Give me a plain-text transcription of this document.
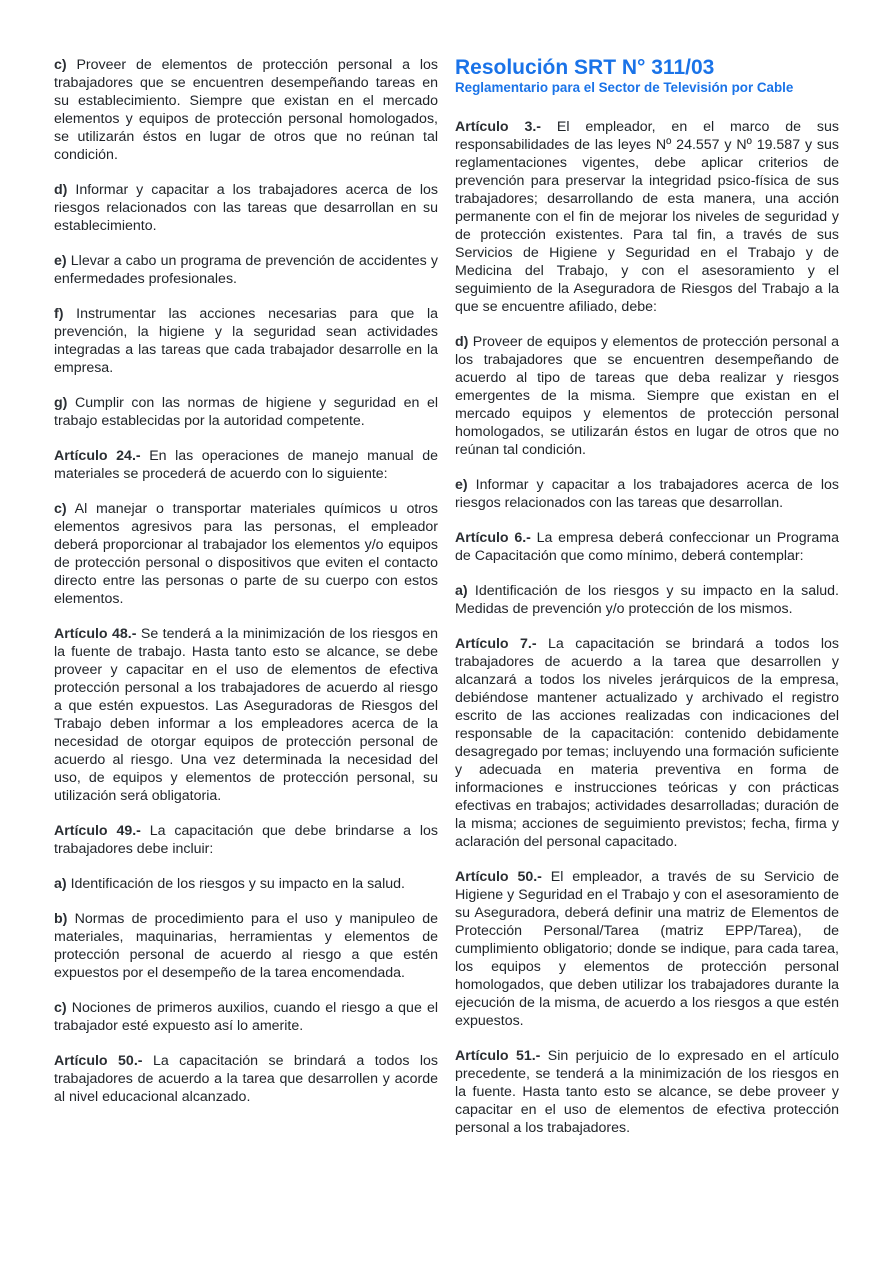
c) Proveer de elementos de protección personal a los trabajadores que se encuentren desempeñando tareas en su establecimiento. Siempre que existan en el mercado elementos y equipos de protección personal homologados, se utilizarán éstos en lugar de otros que no reúnan tal condición.

d) Informar y capacitar a los trabajadores acerca de los riesgos relacionados con las tareas que desarrollan en su establecimiento.

e) Llevar a cabo un programa de prevención de accidentes y enfermedades profesionales.

f) Instrumentar las acciones necesarias para que la prevención, la higiene y la seguridad sean actividades integradas a las tareas que cada trabajador desarrolle en la empresa.

g) Cumplir con las normas de higiene y seguridad en el trabajo establecidas por la autoridad competente.

Artículo 24.- En las operaciones de manejo manual de materiales se procederá de acuerdo con lo siguiente:

c) Al manejar o transportar materiales químicos u otros elementos agresivos para las personas, el empleador deberá proporcionar al trabajador los elementos y/o equipos de protección personal o dispositivos que eviten el contacto directo entre las personas o parte de su cuerpo con estos elementos.

Artículo 48.- Se tenderá a la minimización de los riesgos en la fuente de trabajo. Hasta tanto esto se alcance, se debe proveer y capacitar en el uso de elementos de efectiva protección personal a los trabajadores de acuerdo al riesgo a que estén expuestos. Las Aseguradoras de Riesgos del Trabajo deben informar a los empleadores acerca de la necesidad de otorgar equipos de protección personal de acuerdo al riesgo. Una vez determinada la necesidad del uso, de equipos y elementos de protección personal, su utilización será obligatoria.

Artículo 49.- La capacitación que debe brindarse a los trabajadores debe incluir:

a) Identificación de los riesgos y su impacto en la salud.

b) Normas de procedimiento para el uso y manipuleo de materiales, maquinarias, herramientas y elementos de protección personal de acuerdo al riesgo a que estén expuestos por el desempeño de la tarea encomendada.

c) Nociones de primeros auxilios, cuando el riesgo a que el trabajador esté expuesto así lo amerite.

Artículo 50.- La capacitación se brindará a todos los trabajadores de acuerdo a la tarea que desarrollen y acorde al nivel educacional alcanzado.

Resolución SRT N° 311/03
Reglamentario para el Sector de Televisión por Cable

Artículo 3.- El empleador, en el marco de sus responsabilidades de las leyes Nº 24.557 y Nº 19.587 y sus reglamentaciones vigentes, debe aplicar criterios de prevención para preservar la integridad psico-física de sus trabajadores; desarrollando de esta manera, una acción permanente con el fin de mejorar los niveles de seguridad y de protección existentes. Para tal fin, a través de sus Servicios de Higiene y Seguridad en el Trabajo y de Medicina del Trabajo, y con el asesoramiento y el seguimiento de la Aseguradora de Riesgos del Trabajo a la que se encuentre afiliado, debe:

d) Proveer de equipos y elementos de protección personal a los trabajadores que se encuentren desempeñando de acuerdo al tipo de tareas que deba realizar y riesgos emergentes de la misma. Siempre que existan en el mercado equipos y elementos de protección personal homologados, se utilizarán éstos en lugar de otros que no reúnan tal condición.

e) Informar y capacitar a los trabajadores acerca de los riesgos relacionados con las tareas que desarrollan.

Artículo 6.- La empresa deberá confeccionar un Programa de Capacitación que como mínimo, deberá contemplar:

a) Identificación de los riesgos y su impacto en la salud. Medidas de prevención y/o protección de los mismos.

Artículo 7.- La capacitación se brindará a todos los trabajadores de acuerdo a la tarea que desarrollen y alcanzará a todos los niveles jerárquicos de la empresa, debiéndose mantener actualizado y archivado el registro escrito de las acciones realizadas con indicaciones del responsable de la capacitación: contenido debidamente desagregado por temas; incluyendo una formación suficiente y adecuada en materia preventiva en forma de informaciones e instrucciones teóricas y con prácticas efectivas en trabajos; actividades desarrolladas; duración de la misma; acciones de seguimiento previstos; fecha, firma y aclaración del personal capacitado.

Artículo 50.- El empleador, a través de su Servicio de Higiene y Seguridad en el Trabajo y con el asesoramiento de su Aseguradora, deberá definir una matriz de Elementos de Protección Personal/Tarea (matriz EPP/Tarea), de cumplimiento obligatorio; donde se indique, para cada tarea, los equipos y elementos de protección personal homologados, que deben utilizar los trabajadores durante la ejecución de la misma, de acuerdo a los riesgos a que estén expuestos.

Artículo 51.- Sin perjuicio de lo expresado en el artículo precedente, se tenderá a la minimización de los riesgos en la fuente. Hasta tanto esto se alcance, se debe proveer y capacitar en el uso de elementos de efectiva protección personal a los trabajadores.
